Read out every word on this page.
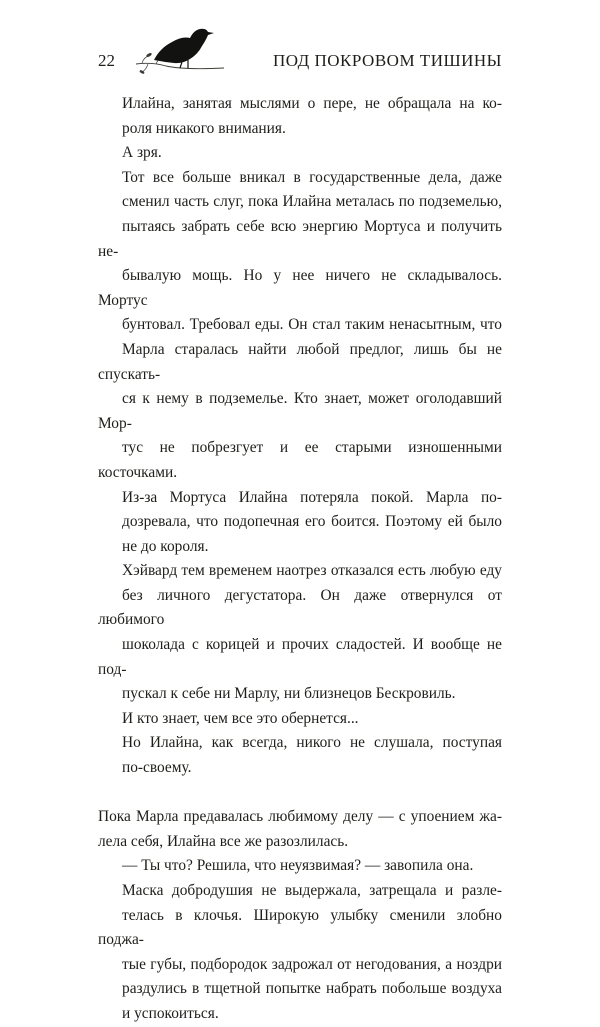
22	ПОД ПОКРОВОМ ТИШИНЫ

Илайна, занятая мыслями о пере, не обращала на ко-
роля никакого внимания.

А зря.

Тот все больше вникал в государственные дела, даже
сменил часть слуг, пока Илайна металась по подземелью,
пытаясь забрать себе всю энергию Мортуса и получить не-
бывалую мощь. Но у нее ничего не складывалось. Мортус
бунтовал. Требовал еды. Он стал таким ненасытным, что
Марла старалась найти любой предлог, лишь бы не спускать-
ся к нему в подземелье. Кто знает, может оголодавший Мор-
тус не побрезгует и ее старыми изношенными косточками.

Из-за Мортуса Илайна потеряла покой. Марла по-
дозревала, что подопечная его боится. Поэтому ей было
не до короля.

Хэйвард тем временем наотрез отказался есть любую еду
без личного дегустатора. Он даже отвернулся от любимого
шоколада с корицей и прочих сладостей. И вообще не под-
пускал к себе ни Марлу, ни близнецов Бескровиль.

И кто знает, чем все это обернется...

Но Илайна, как всегда, никого не слушала, поступая
по-своему.

Пока Марла предавалась любимому делу — с упоением жа-
лела себя, Илайна все же разозлилась.

— Ты что? Решила, что неуязвимая? — завопила она.

Маска добродушия не выдержала, затрещала и разле-
телась в клочья. Широкую улыбку сменили злобно поджа-
тые губы, подбородок задрожал от негодования, а ноздри
раздулись в тщетной попытке набрать побольше воздуха
и успокоиться.
